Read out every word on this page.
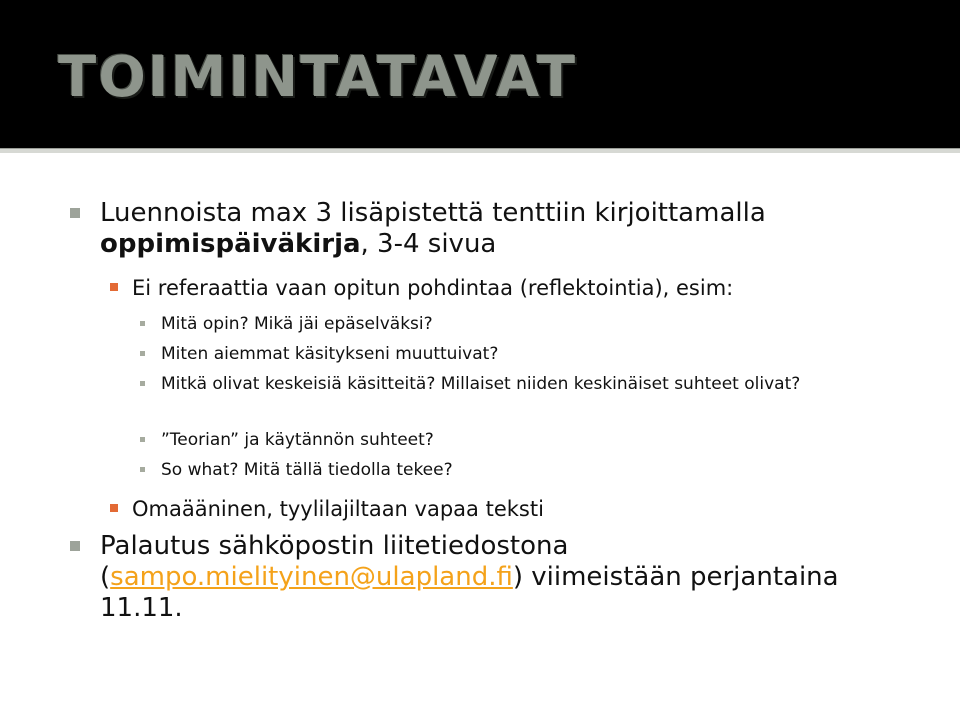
TOIMINTATAVAT
Luennoista max 3 lisäpistettä tenttiin kirjoittamalla oppimispäiväkirja, 3-4 sivua
Ei referaattia vaan opitun pohdintaa (reflektointia), esim:
Mitä opin? Mikä jäi epäselväksi?
Miten aiemmat käsitykseni muuttuivat?
Mitkä olivat keskeisiä käsitteitä? Millaiset niiden keskinäiset suhteet olivat?
”Teorian” ja käytännön suhteet?
So what? Mitä tällä tiedolla tekee?
Omaääninen, tyylilajiltaan vapaa teksti
Palautus sähköpostin liitetiedostona (sampo.mielityinen@ulapland.fi) viimeistään perjantaina 11.11.
